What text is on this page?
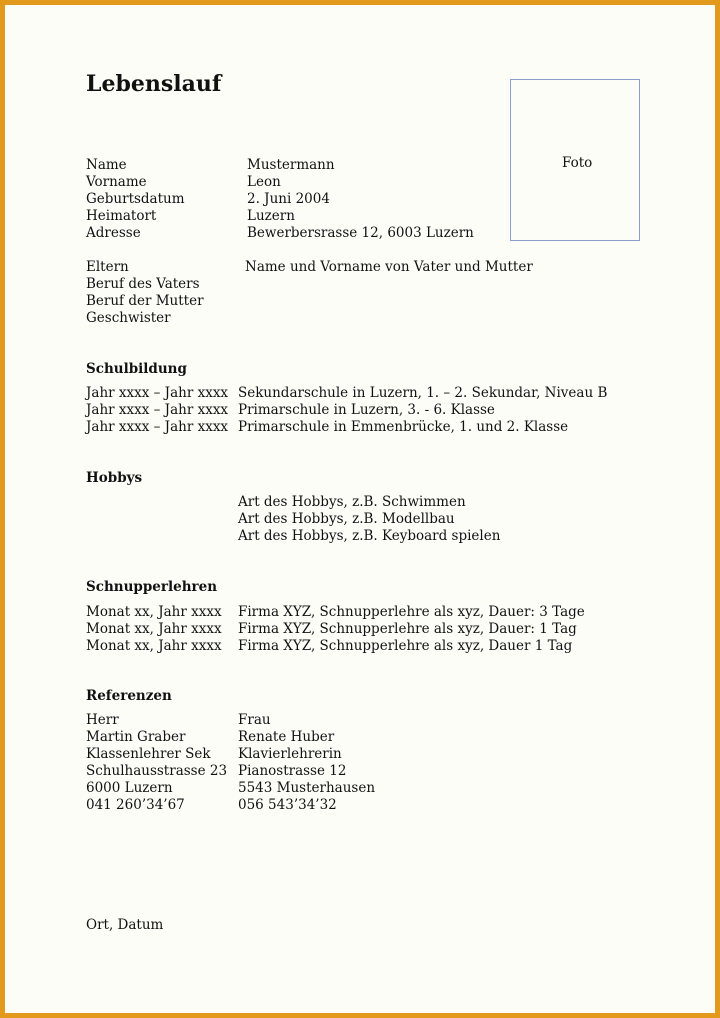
Lebenslauf
Foto
Name
Vorname
Geburtsdatum
Heimatort
Adresse
Mustermann
Leon
2. Juni 2004
Luzern
Bewerbersrasse 12, 6003 Luzern
Eltern
Beruf des Vaters
Beruf der Mutter
Geschwister
Name und Vorname von Vater und Mutter
Schulbildung
Jahr xxxx – Jahr xxxx
Jahr xxxx – Jahr xxxx
Jahr xxxx – Jahr xxxx
Sekundarschule in Luzern, 1. – 2. Sekundar, Niveau B
Primarschule in Luzern, 3. - 6. Klasse
Primarschule in Emmenbrücke, 1. und 2. Klasse
Hobbys
Art des Hobbys, z.B. Schwimmen
Art des Hobbys, z.B. Modellbau
Art des Hobbys, z.B. Keyboard spielen
Schnupperlehren
Monat xx, Jahr xxxx
Monat xx, Jahr xxxx
Monat xx, Jahr xxxx
Firma XYZ, Schnupperlehre als xyz, Dauer: 3 Tage
Firma XYZ, Schnupperlehre als xyz, Dauer: 1 Tag
Firma XYZ, Schnupperlehre als xyz, Dauer 1 Tag
Referenzen
Herr
Martin Graber
Klassenlehrer Sek
Schulhausstrasse 23
6000 Luzern
041 260’34’67
Frau
Renate Huber
Klavierlehrerin
Pianostrasse 12
5543 Musterhausen
056 543’34’32
Ort, Datum
